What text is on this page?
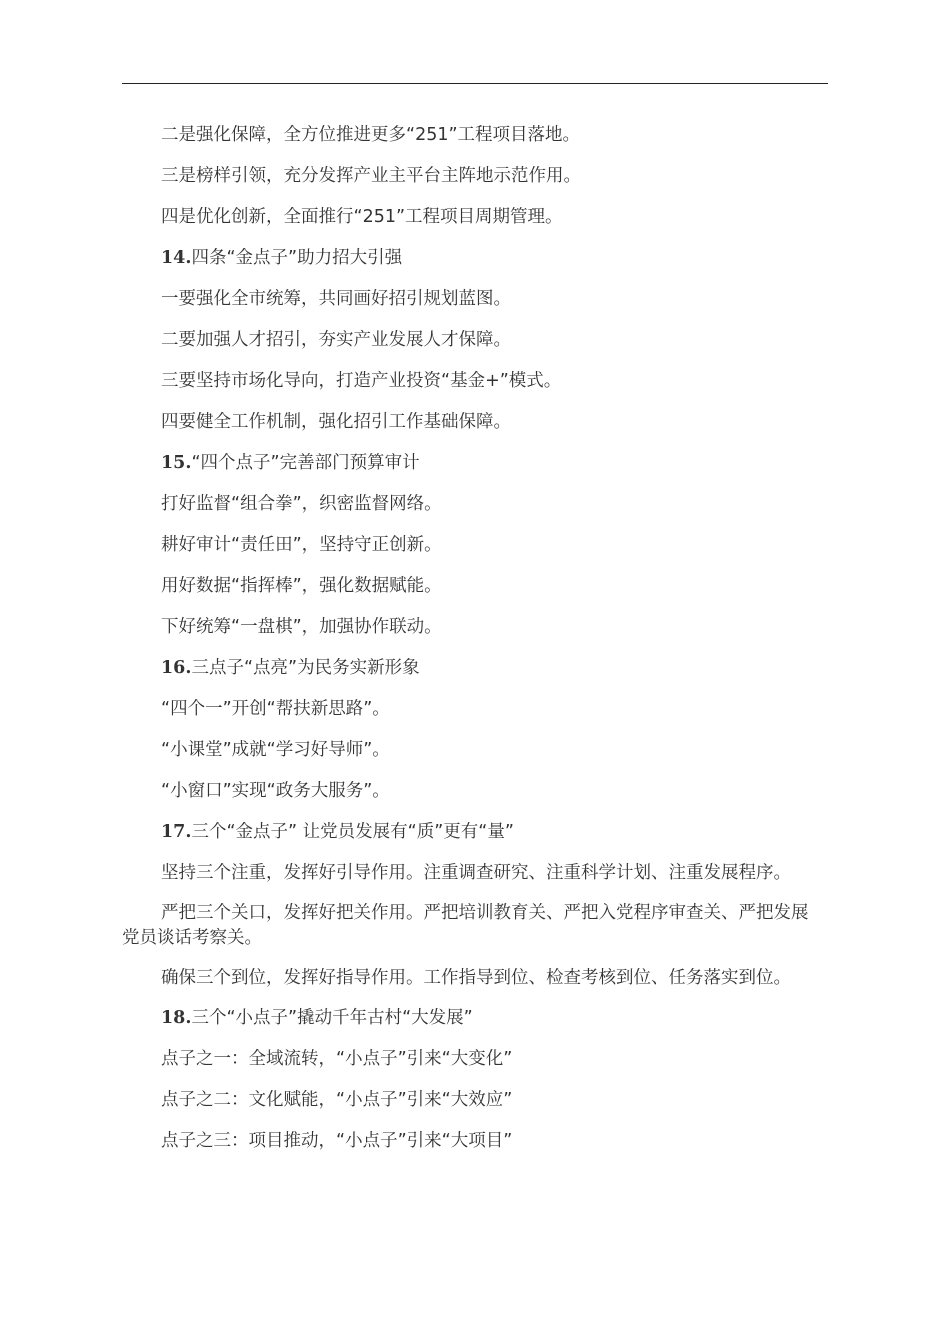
二是强化保障，全方位推进更多“251”工程项目落地。

三是榜样引领，充分发挥产业主平台主阵地示范作用。

四是优化创新，全面推行“251”工程项目周期管理。

14.四条“金点子”助力招大引强

一要强化全市统筹，共同画好招引规划蓝图。

二要加强人才招引，夯实产业发展人才保障。

三要坚持市场化导向，打造产业投资“基金+”模式。

四要健全工作机制，强化招引工作基础保障。

15.“四个点子”完善部门预算审计

打好监督“组合拳”，织密监督网络。

耕好审计“责任田”，坚持守正创新。

用好数据“指挥棒”，强化数据赋能。

下好统筹“一盘棋”，加强协作联动。

16.三点子“点亮”为民务实新形象

“四个一”开创“帮扶新思路”。

“小课堂”成就“学习好导师”。

“小窗口”实现“政务大服务”。

17.三个“金点子” 让党员发展有“质”更有“量”

坚持三个注重，发挥好引导作用。注重调查研究、注重科学计划、注重发展程序。

严把三个关口，发挥好把关作用。严把培训教育关、严把入党程序审查关、严把发展党员谈话考察关。

确保三个到位，发挥好指导作用。工作指导到位、检查考核到位、任务落实到位。

18.三个“小点子”撬动千年古村“大发展”

点子之一：全域流转，“小点子”引来“大变化”

点子之二：文化赋能，“小点子”引来“大效应”

点子之三：项目推动，“小点子”引来“大项目”
